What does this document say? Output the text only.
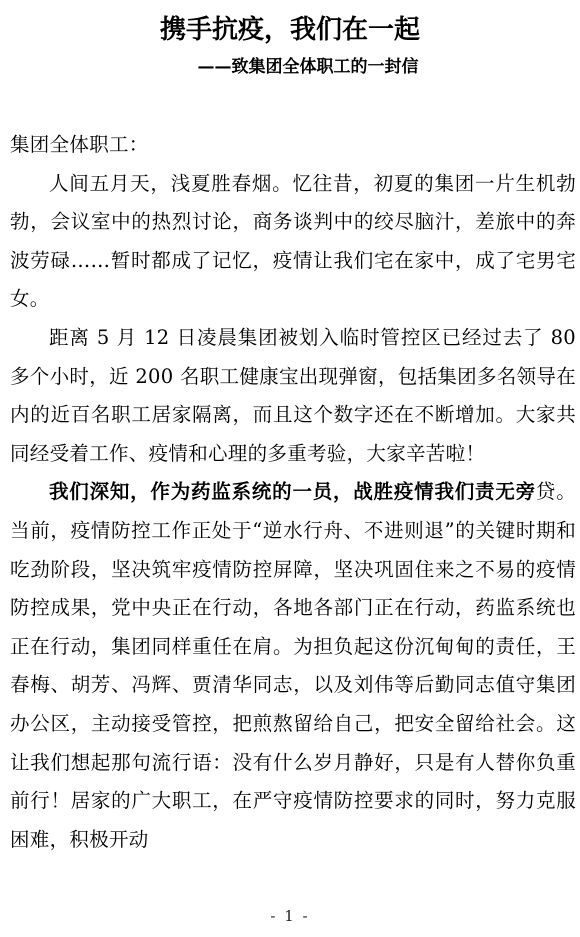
携手抗疫，我们在一起
——致集团全体职工的一封信

集团全体职工：

人间五月天，浅夏胜春烟。忆往昔，初夏的集团一片生机勃勃，会议室中的热烈讨论，商务谈判中的绞尽脑汁，差旅中的奔波劳碌……暂时都成了记忆，疫情让我们宅在家中，成了宅男宅女。

距离 5 月 12 日凌晨集团被划入临时管控区已经过去了 80 多个小时，近 200 名职工健康宝出现弹窗，包括集团多名领导在内的近百名职工居家隔离，而且这个数字还在不断增加。大家共同经受着工作、疫情和心理的多重考验，大家辛苦啦！

我们深知，作为药监系统的一员，战胜疫情我们责无旁贷。当前，疫情防控工作正处于“逆水行舟、不进则退”的关键时期和吃劲阶段，坚决筑牢疫情防控屏障，坚决巩固住来之不易的疫情防控成果，党中央正在行动，各地各部门正在行动，药监系统也正在行动，集团同样重任在肩。为担负起这份沉甸甸的责任，王春梅、胡芳、冯辉、贾清华同志，以及刘伟等后勤同志值守集团办公区，主动接受管控，把煎熬留给自己，把安全留给社会。这让我们想起那句流行语：没有什么岁月静好，只是有人替你负重前行！居家的广大职工，在严守疫情防控要求的同时，努力克服困难，积极开动

- 1 -
